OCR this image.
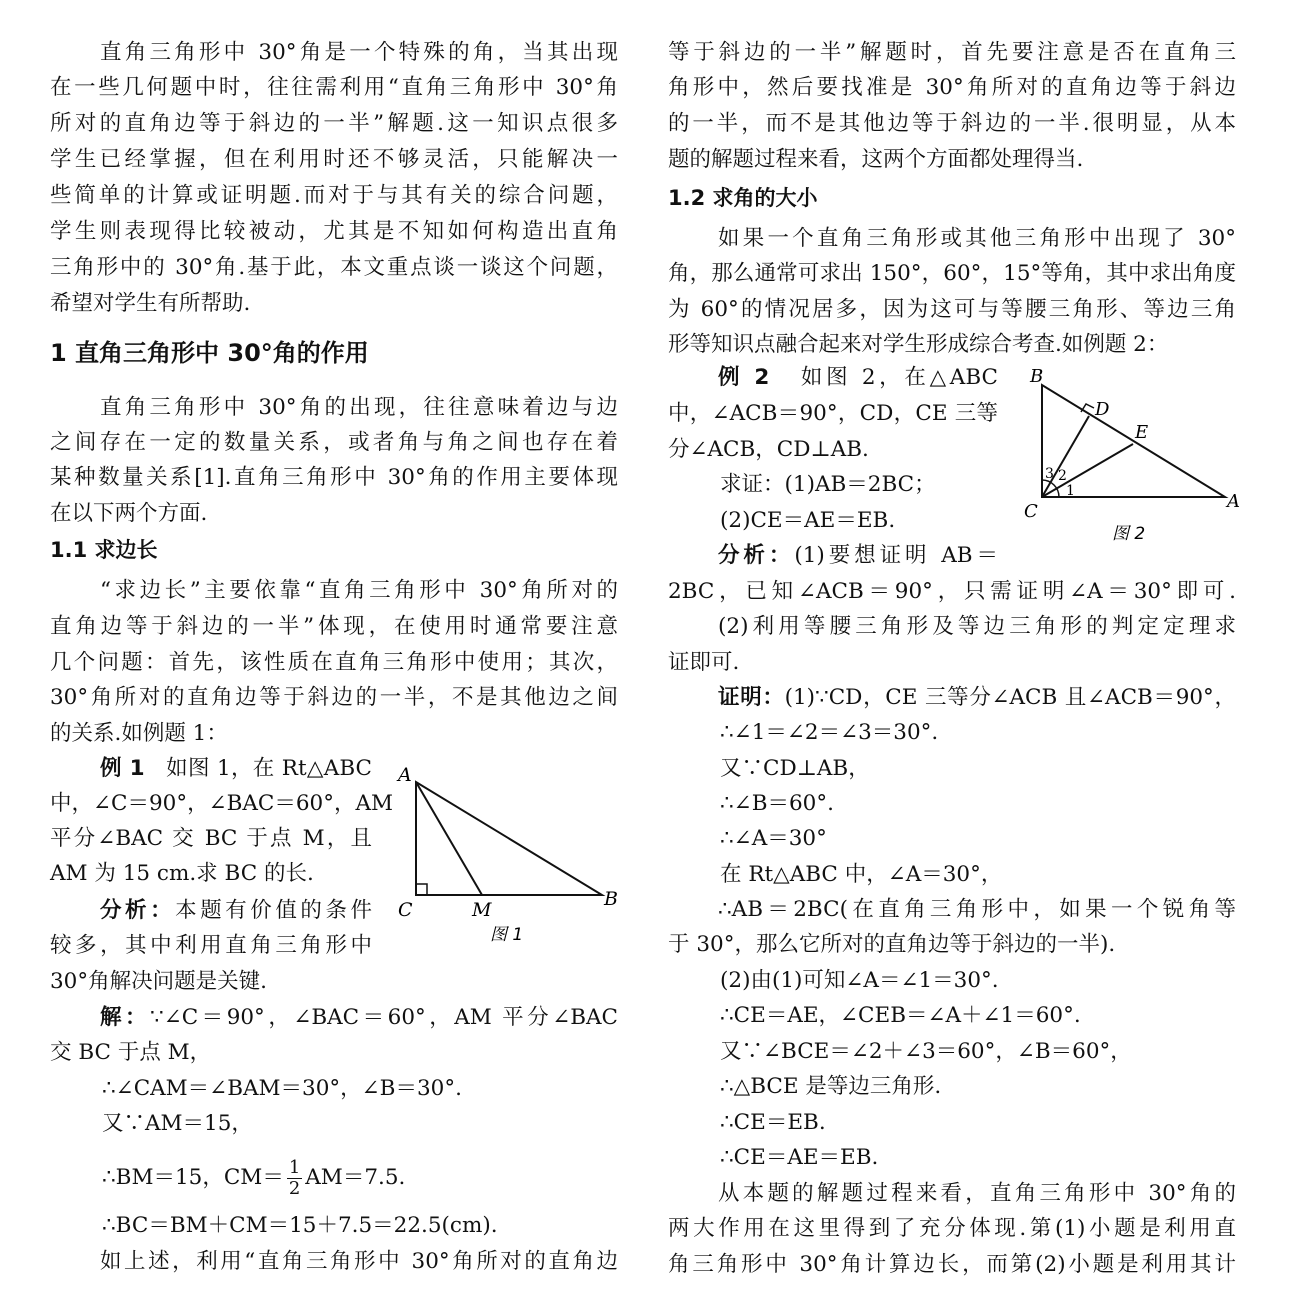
直角三角形中 30°角是一个特殊的角，当其出现
在一些几何题中时，往往需利用“直角三角形中 30°角
所对的直角边等于斜边的一半”解题.这一知识点很多
学生已经掌握，但在利用时还不够灵活，只能解决一
些简单的计算或证明题.而对于与其有关的综合问题，
学生则表现得比较被动，尤其是不知如何构造出直角
三角形中的 30°角.基于此，本文重点谈一谈这个问题，
希望对学生有所帮助.
1 直角三角形中 30°角的作用
直角三角形中 30°角的出现，往往意味着边与边
之间存在一定的数量关系，或者角与角之间也存在着
某种数量关系[1].直角三角形中 30°角的作用主要体现
在以下两个方面.
1.1 求边长
“求边长”主要依靠“直角三角形中 30°角所对的
直角边等于斜边的一半”体现，在使用时通常要注意
几个问题：首先，该性质在直角三角形中使用；其次，
30°角所对的直角边等于斜边的一半，不是其他边之间
的关系.如例题 1：
例 1 如图 1，在 Rt△ABC
中，∠C＝90°，∠BAC＝60°，AM
平分∠BAC 交 BC 于点 M，且
AM 为 15 cm.求 BC 的长.
分析：本题有价值的条件
较多，其中利用直角三角形中
30°角解决问题是关键.
解：∵∠C＝90°，∠BAC＝60°，AM 平分∠BAC
交 BC 于点 M，
∴∠CAM＝∠BAM＝30°，∠B＝30°.
又∵AM＝15，
∴BM＝15，$CM= \frac{1}{2} AM=7.5$.
∴BC＝BM＋CM＝15＋7.5＝22.5(cm).
如上述，利用“直角三角形中 30°角所对的直角边
A
C	M	B
图 1
等于斜边的一半”解题时，首先要注意是否在直角三
角形中，然后要找准是 30°角所对的直角边等于斜边
的一半，而不是其他边等于斜边的一半.很明显，从本
题的解题过程来看，这两个方面都处理得当.
1.2 求角的大小
如果一个直角三角形或其他三角形中出现了 30°
角，那么通常可求出 150°，60°，15°等角，其中求出角度
为 60°的情况居多，因为这可与等腰三角形、等边三角
形等知识点融合起来对学生形成综合考查.如例题 2：
例 2 如图 2，在△ABC
中，∠ACB＝90°，CD，CE 三等
分∠ACB，CD⊥AB.
求证：(1)AB＝2BC；
(2)CE＝AE＝EB.
分析：(1)要想证明 AB＝
2BC，已知∠ACB＝90°，只需证明∠A＝30°即可.
(2)利用等腰三角形及等边三角形的判定定理求
证即可.
证明：(1)∵CD，CE 三等分∠ACB 且∠ACB＝90°，
∴∠1＝∠2＝∠3＝30°.
又∵CD⊥AB，
∴∠B＝60°.
∴∠A＝30°
在 Rt△ABC 中，∠A＝30°，
∴AB＝2BC(在直角三角形中，如果一个锐角等
于 30°，那么它所对的直角边等于斜边的一半).
(2)由(1)可知∠A＝∠1＝30°.
∴CE＝AE，∠CEB＝∠A＋∠1＝60°.
又∵∠BCE＝∠2＋∠3＝60°，∠B＝60°，
∴△BCE 是等边三角形.
∴CE＝EB.
∴CE＝AE＝EB.
从本题的解题过程来看，直角三角形中 30°角的
两大作用在这里得到了充分体现.第(1)小题是利用直
角三角形中 30°角计算边长，而第(2)小题是利用其计
B
D
E
C	A
3 2
1
图 2
